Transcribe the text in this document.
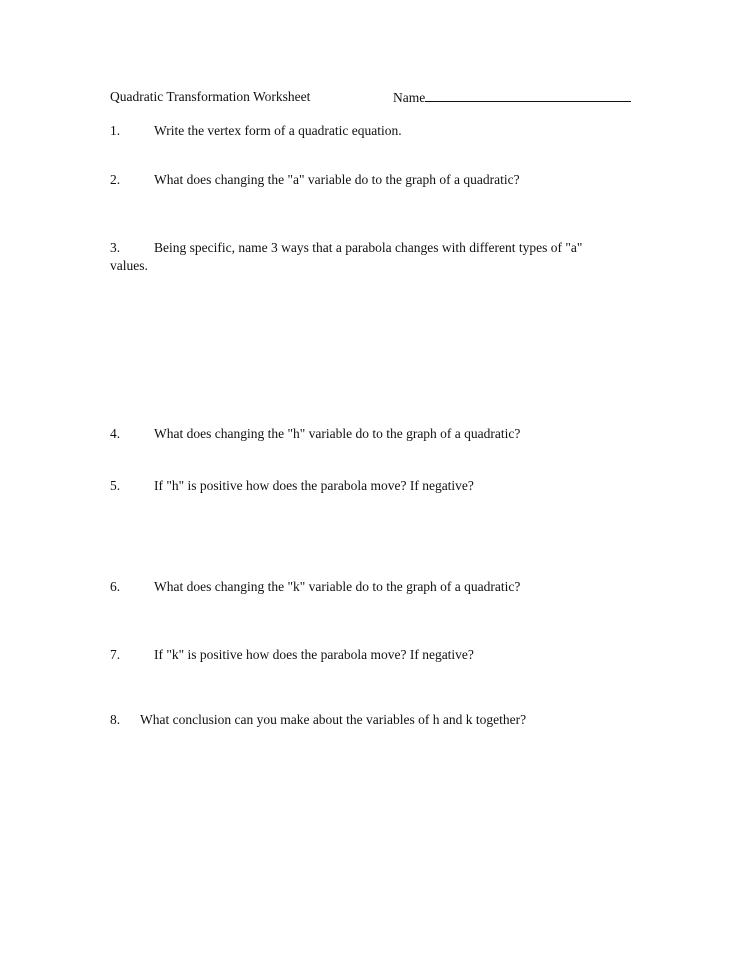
Quadratic Transformation Worksheet	Name
1.	Write the vertex form of a quadratic equation.
2.	What does changing the "a" variable do to the graph of a quadratic?
3.	Being specific, name 3 ways that a parabola changes with different types of "a"
values.
4.	What does changing the "h" variable do to the graph of a quadratic?
5.	If "h" is positive how does the parabola move? If negative?
6.	What does changing the "k" variable do to the graph of a quadratic?
7.	If "k" is positive how does the parabola move? If negative?
8. What conclusion can you make about the variables of h and k together?
